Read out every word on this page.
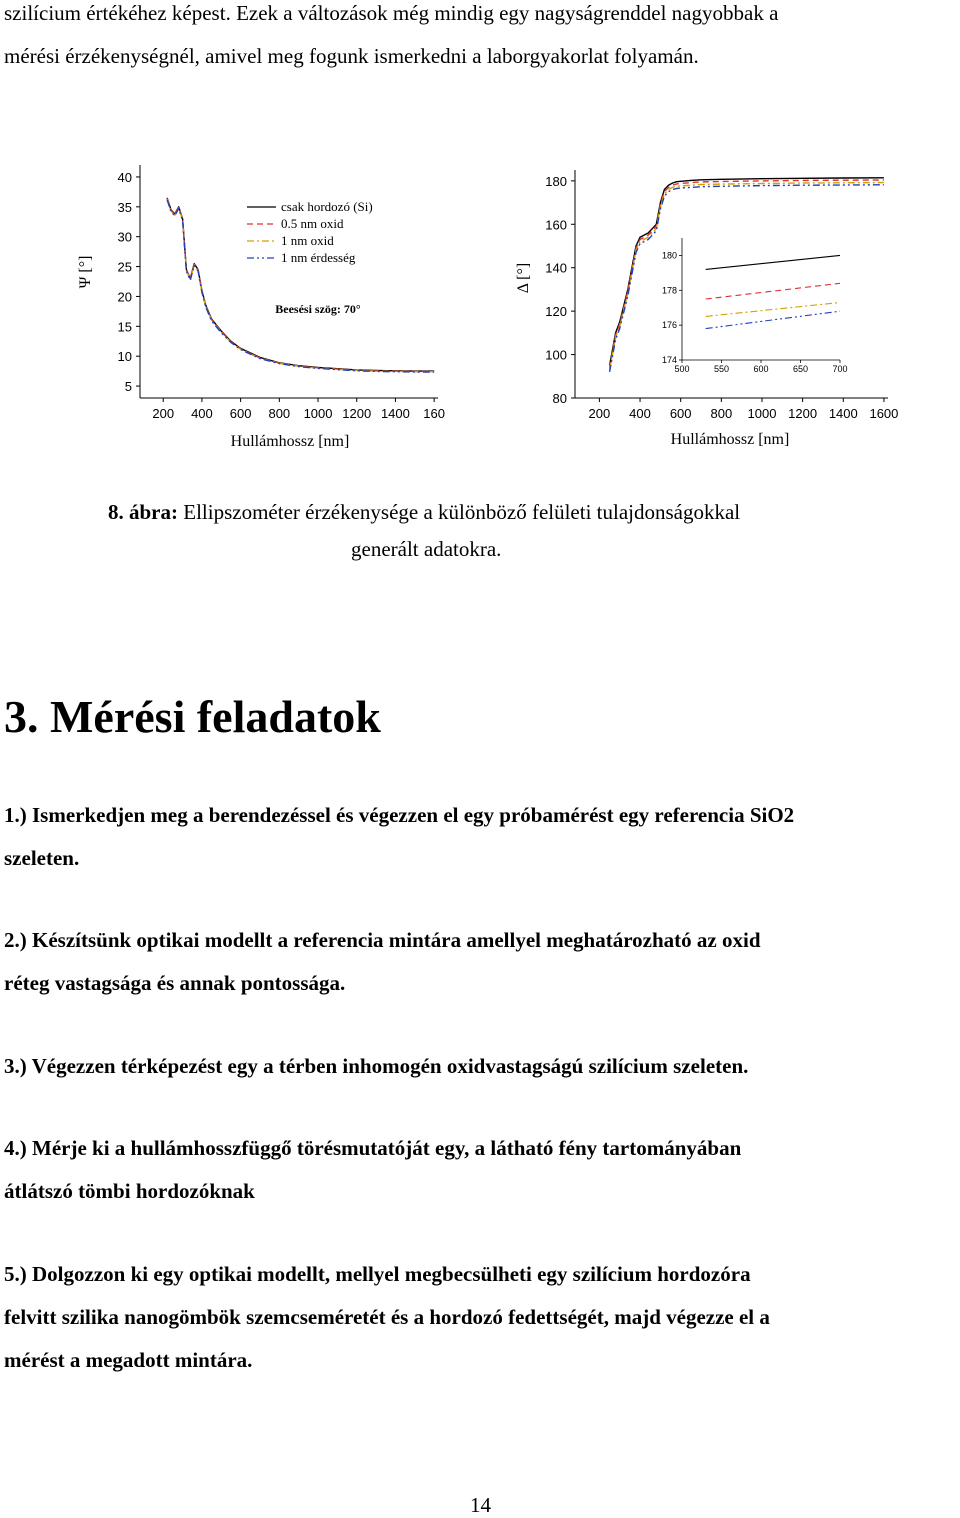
szilícium értékéhez képest. Ezek a változások még mindig egy nagyságrenddel nagyobbak a
mérési érzékenységnél, amivel meg fogunk ismerkedni a laborgyakorlat folyamán.
200 400 600 800 1000 1200 1400 160
5
10
15
20
25
30
35
40
Hullámhossz [nm]
Ψ [°]
csak hordozó (Si)
0.5 nm oxid
1 nm oxid
1 nm érdesség
Beesési szög: 70°
200 400 600 800 1000 1200 1400 1600
80
100
120
140
160
180
Hullámhossz [nm]
Δ [°]
500	550	600	650	700
174
176
178
180
8. ábra: Ellipszométer érzékenysége a különböző felületi tulajdonságokkal
generált adatokra.
3. Mérési feladatok
1.) Ismerkedjen meg a berendezéssel és végezzen el egy próbamérést egy referencia SiO2
szeleten.
2.) Készítsünk optikai modellt a referencia mintára amellyel meghatározható az oxid
réteg vastagsága és annak pontossága.
3.) Végezzen térképezést egy a térben inhomogén oxidvastagságú szilícium szeleten.
4.) Mérje ki a hullámhosszfüggő törésmutatóját egy, a látható fény tartományában
átlátszó tömbi hordozóknak
5.) Dolgozzon ki egy optikai modellt, mellyel megbecsülheti egy szilícium hordozóra
felvitt szilika nanogömbök szemcseméretét és a hordozó fedettségét, majd végezze el a
mérést a megadott mintára.
14
